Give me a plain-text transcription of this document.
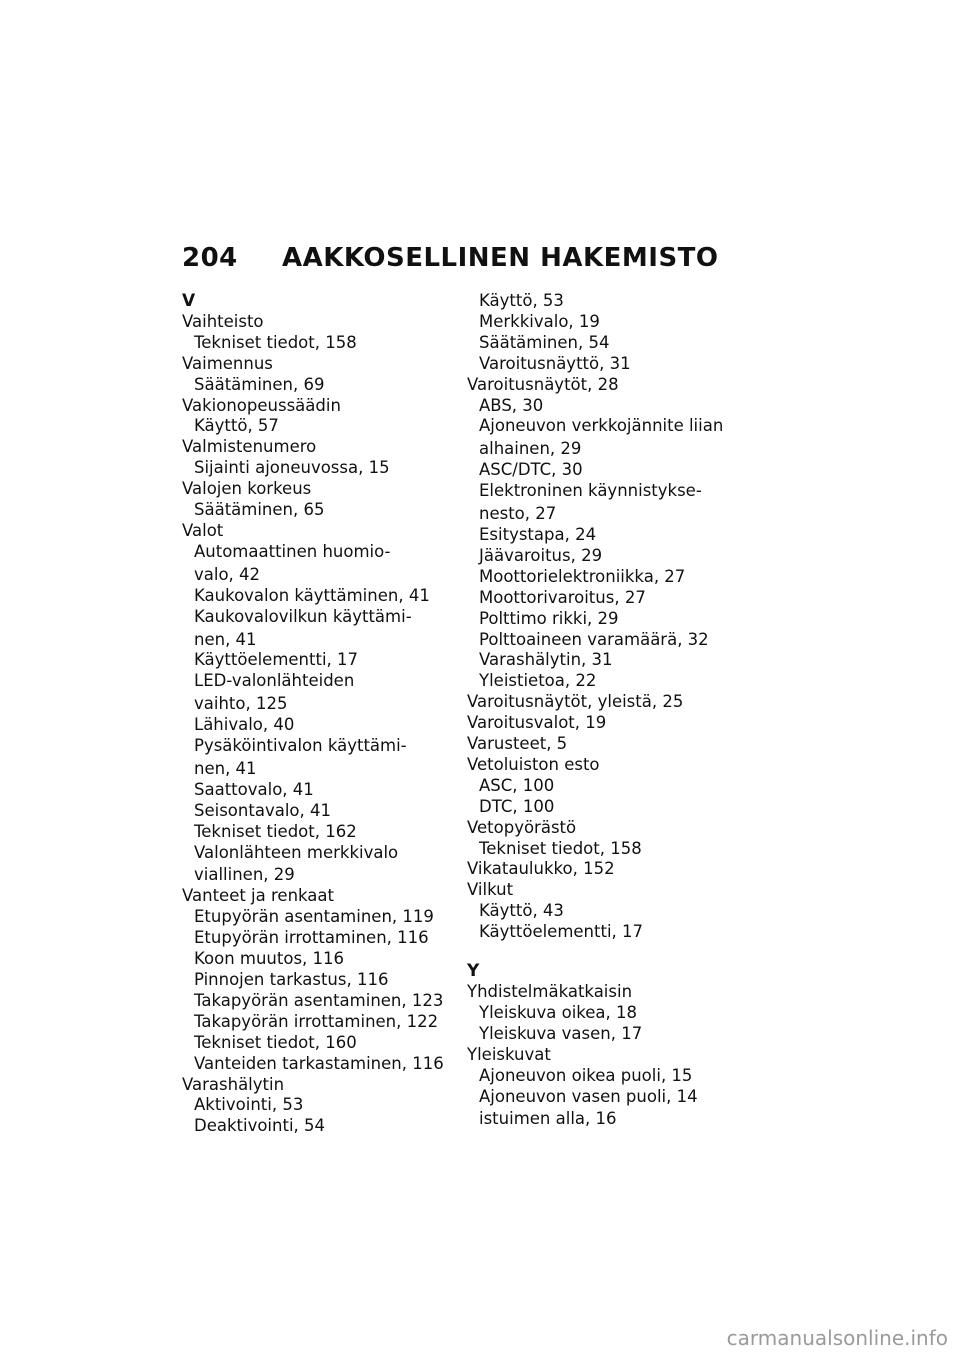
204	AAKKOSELLINEN HAKEMISTO
V
Vaihteisto
Tekniset tiedot, 158
Vaimennus
Säätäminen, 69
Vakionopeussäädin
Käyttö, 57
Valmistenumero
Sijainti ajoneuvossa, 15
Valojen korkeus
Säätäminen, 65
Valot
Automaattinen huomio-
valo, 42
Kaukovalon käyttäminen, 41
Kaukovalovilkun käyttämi-
nen, 41
Käyttöelementti, 17
LED-valonlähteiden
vaihto, 125
Lähivalo, 40
Pysäköintivalon käyttämi-
nen, 41
Saattovalo, 41
Seisontavalo, 41
Tekniset tiedot, 162
Valonlähteen merkkivalo
viallinen, 29
Vanteet ja renkaat
Etupyörän asentaminen, 119
Etupyörän irrottaminen, 116
Koon muutos, 116
Pinnojen tarkastus, 116
Takapyörän asentaminen, 123
Takapyörän irrottaminen, 122
Tekniset tiedot, 160
Vanteiden tarkastaminen, 116
Varashälytin
Aktivointi, 53
Deaktivointi, 54
Käyttö, 53
Merkkivalo, 19
Säätäminen, 54
Varoitusnäyttö, 31
Varoitusnäytöt, 28
ABS, 30
Ajoneuvon verkkojännite liian
alhainen, 29
ASC/DTC, 30
Elektroninen käynnistykse-
nesto, 27
Esitystapa, 24
Jäävaroitus, 29
Moottorielektroniikka, 27
Moottorivaroitus, 27
Polttimo rikki, 29
Polttoaineen varamäärä, 32
Varashälytin, 31
Yleistietoa, 22
Varoitusnäytöt, yleistä, 25
Varoitusvalot, 19
Varusteet, 5
Vetoluiston esto
ASC, 100
DTC, 100
Vetopyörästö
Tekniset tiedot, 158
Vikataulukko, 152
Vilkut
Käyttö, 43
Käyttöelementti, 17
Y
Yhdistelmäkatkaisin
Yleiskuva oikea, 18
Yleiskuva vasen, 17
Yleiskuvat
Ajoneuvon oikea puoli, 15
Ajoneuvon vasen puoli, 14
istuimen alla, 16
carmanualsonline.info
